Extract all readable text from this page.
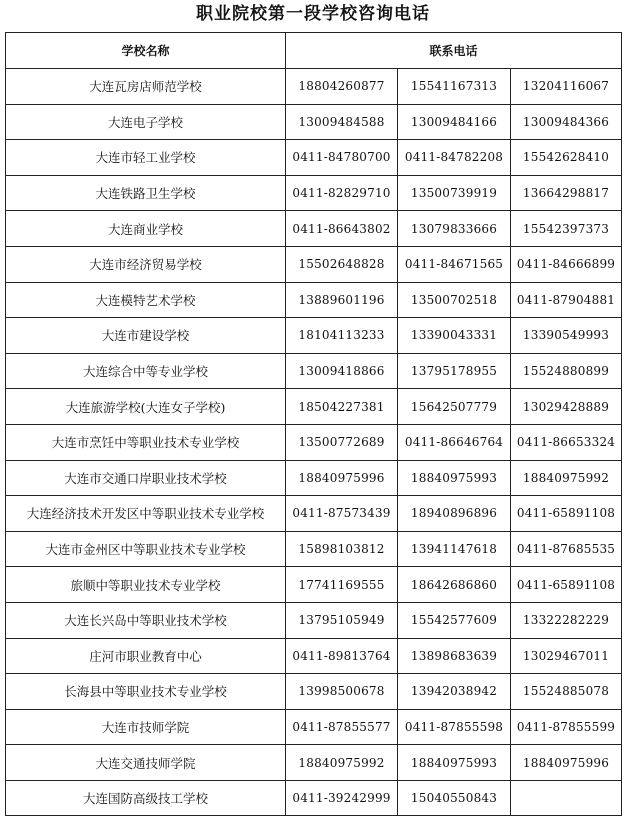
职业院校第一段学校咨询电话
学校名称	联系电话		
大连瓦房店师范学校	18804260877	15541167313	13204116067
大连电子学校	13009484588	13009484166	13009484366
大连市轻工业学校	0411-84780700	0411-84782208	15542628410
大连铁路卫生学校	0411-82829710	13500739919	13664298817
大连商业学校	0411-86643802	13079833666	15542397373
大连市经济贸易学校	15502648828	0411-84671565	0411-84666899
大连模特艺术学校	13889601196	13500702518	0411-87904881
大连市建设学校	18104113233	13390043331	13390549993
大连综合中等专业学校	13009418866	13795178955	15524880899
大连旅游学校(大连女子学校)	18504227381	15642507779	13029428889
大连市烹饪中等职业技术专业学校	13500772689	0411-86646764	0411-86653324
大连市交通口岸职业技术学校	18840975996	18840975993	18840975992
大连经济技术开发区中等职业技术专业学校	0411-87573439	18940896896	0411-65891108
大连市金州区中等职业技术专业学校	15898103812	13941147618	0411-87685535
旅顺中等职业技术专业学校	17741169555	18642686860	0411-65891108
大连长兴岛中等职业技术学校	13795105949	15542577609	13322282229
庄河市职业教育中心	0411-89813764	13898683639	13029467011
长海县中等职业技术专业学校	13998500678	13942038942	15524885078
大连市技师学院	0411-87855577	0411-87855598	0411-87855599
大连交通技师学院	18840975992	18840975993	18840975996
大连国防高级技工学校	0411-39242999	15040550843	
